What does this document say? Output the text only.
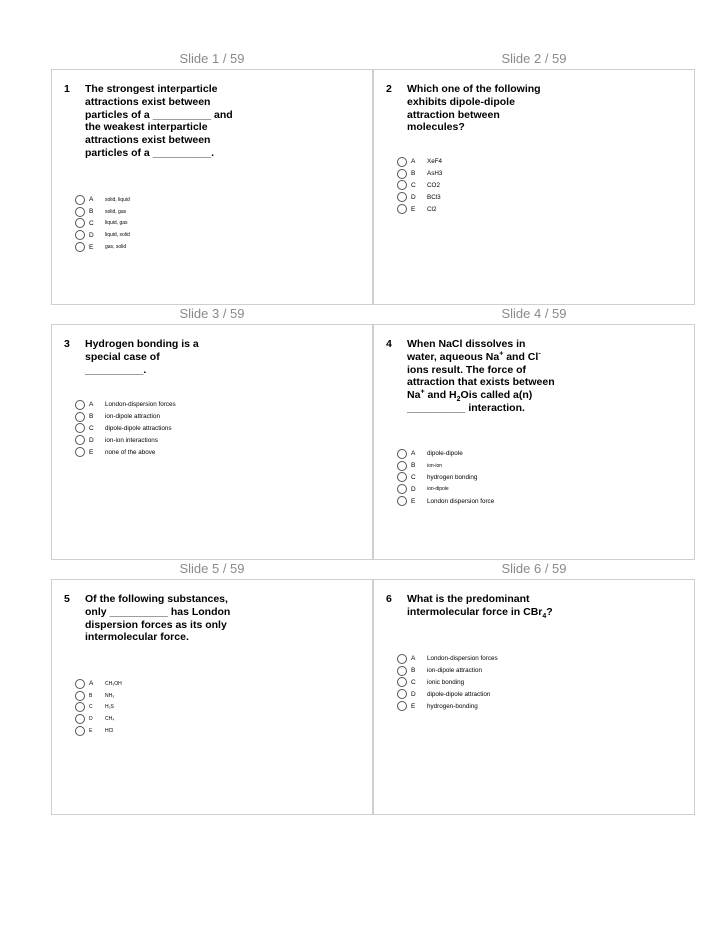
Slide 1 / 59	Slide 2 / 59
Slide 3 / 59	Slide 4 / 59
Slide 5 / 59	Slide 6 / 59
1 The strongest interparticle attractions exist between particles of a __________ and the weakest interparticle attractions exist between particles of a __________.
A	solid, liquid
B	solid, gas
C	liquid, gas
D	liquid, solid
E	gas, solid
2 Which one of the following exhibits dipole-dipole attraction between molecules?
A	XeF4
B	AsH3
C	CO2
D	BCl3
E	Cl2
3 Hydrogen bonding is a special case of __________.
A	London-dispersion forces
B	ion-dipole attraction
C	dipole-dipole attractions
D	ion-ion interactions
E	none of the above
4 When NaCl dissolves in water, aqueous Na+ and Cl- ions result. The force of attraction that exists between Na+ and $H_2Ois$ called a(n) __________ interaction.
A	dipole-dipole
B	ion-ion
C	hydrogen bonding
D	ion-dipole
E	London dispersion force
5 Of the following substances, only __________ has London dispersion forces as its only intermolecular force.
A	CH₃OH
B	NH₃
C	H₂S
D	CH₄
E	HCl
6 What is the predominant intermolecular force in CBr$_4$?
A	London-dispersion forces
B	ion-dipole attraction
C	ionic bonding
D	dipole-dipole attraction
E	hydrogen-bonding
